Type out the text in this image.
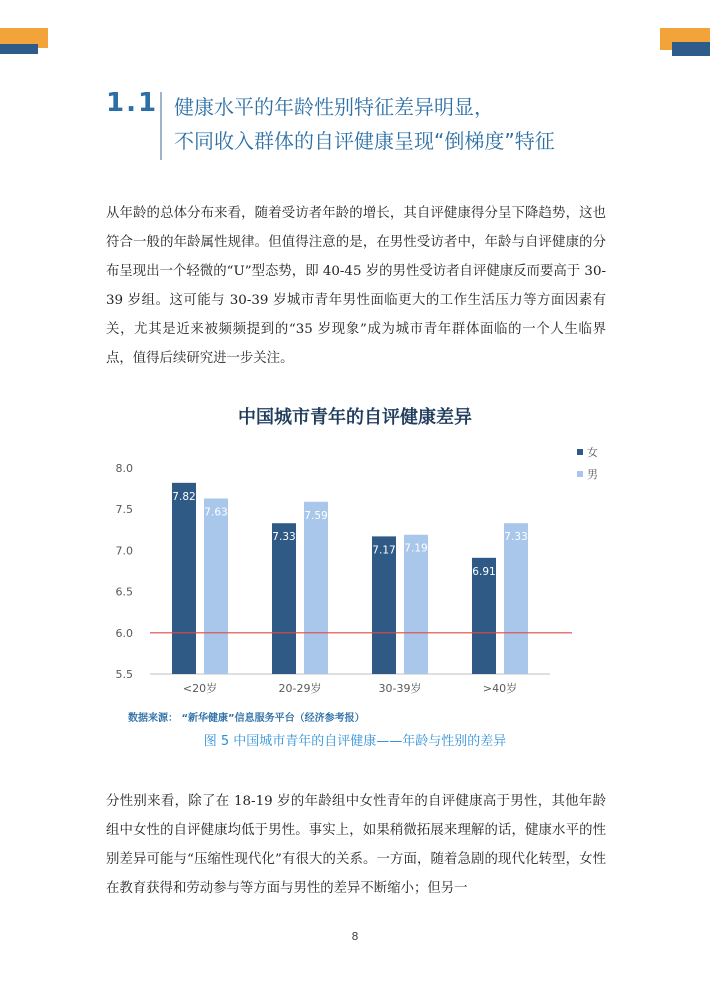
1.1 健康水平的年龄性别特征差异明显，
不同收入群体的自评健康呈现“倒梯度”特征
从年龄的总体分布来看，随着受访者年龄的增长，其自评健康得分呈下降趋势，这也符合一般的年龄属性规律。但值得注意的是，在男性受访者中，年龄与自评健康的分布呈现出一个轻微的“U”型态势，即 40-45 岁的男性受访者自评健康反而要高于 30-39 岁组。这可能与 30-39 岁城市青年男性面临更大的工作生活压力等方面因素有关，尤其是近来被频频提到的“35 岁现象”成为城市青年群体面临的一个人生临界点，值得后续研究进一步关注。
中国城市青年的自评健康差异
5.5
6.0
6.5
7.0
7.5
8.0
7.82
7.63
<20岁
7.33
7.59
20-29岁
7.17 7.19
30-39岁
6.91
7.33
>40岁
女
男
数据来源： “新华健康”信息服务平台（经济参考报）
图 5 中国城市青年的自评健康——年龄与性别的差异
分性别来看，除了在 18-19 岁的年龄组中女性青年的自评健康高于男性，其他年龄组中女性的自评健康均低于男性。事实上，如果稍微拓展来理解的话，健康水平的性别差异可能与“压缩性现代化”有很大的关系。一方面，随着急剧的现代化转型，女性在教育获得和劳动参与等方面与男性的差异不断缩小；但另一
8
